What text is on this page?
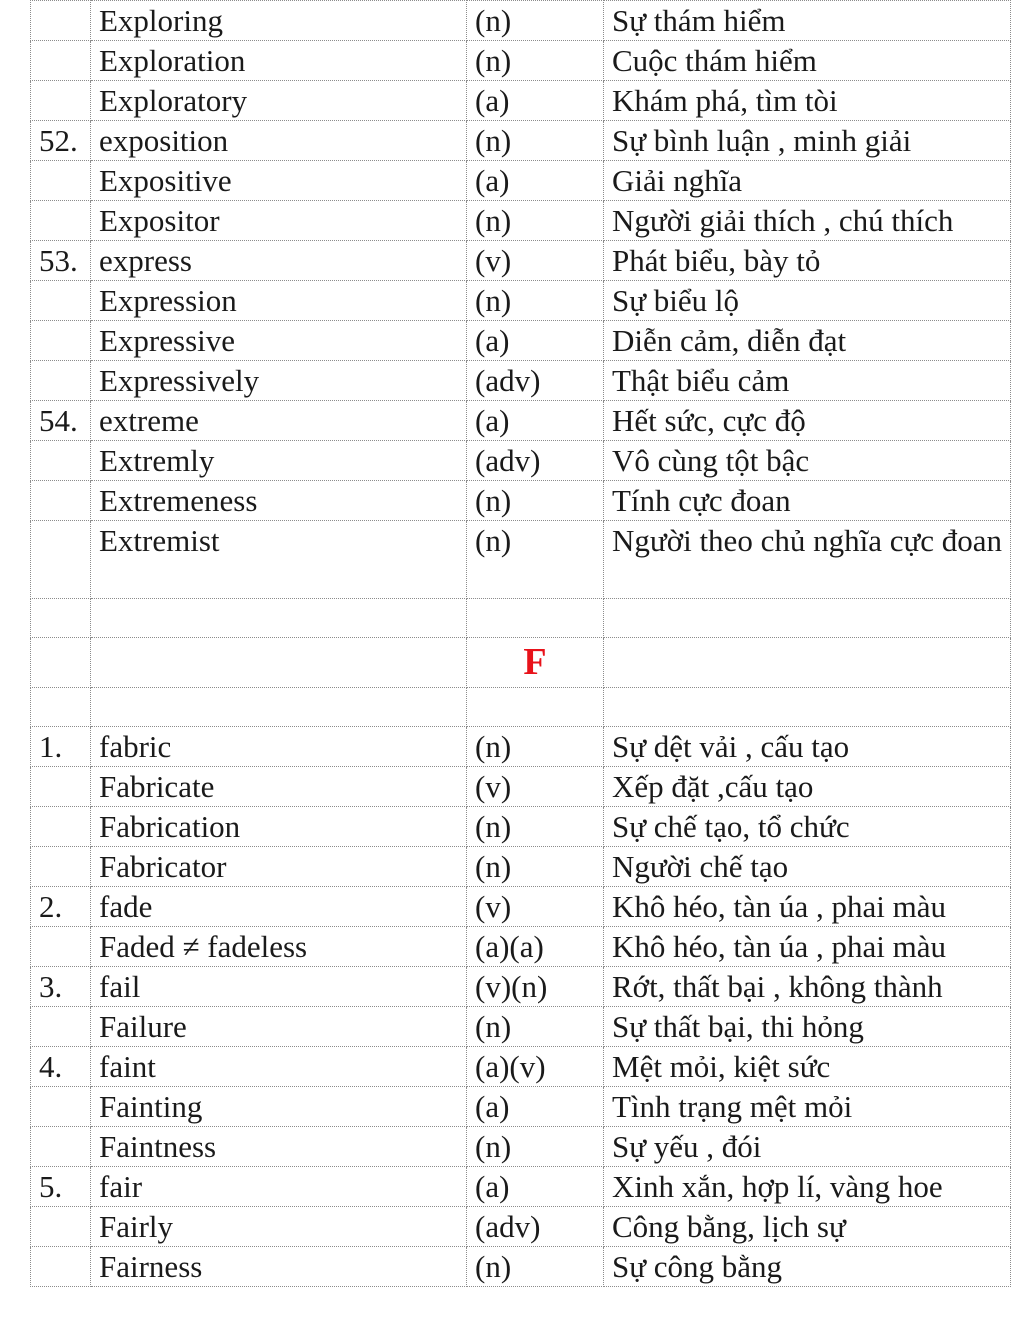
	Exploring	(n)	Sự thám hiểm
	Exploration	(n)	Cuộc thám hiểm
	Exploratory	(a)	Khám phá, tìm tòi
52.	exposition	(n)	Sự bình luận , minh giải
	Expositive	(a)	Giải nghĩa
	Expositor	(n)	Người giải thích , chú thích
53.	express	(v)	Phát biểu, bày tỏ
	Expression	(n)	Sự biểu lộ
	Expressive	(a)	Diễn cảm, diễn đạt
	Expressively	(adv)	Thật biểu cảm
54.	extreme	(a)	Hết sức, cực độ
	Extremly	(adv)	Vô cùng tột bậc
	Extremeness	(n)	Tính cực đoan
	Extremist	(n)	Người theo chủ nghĩa cực đoan

		F	

1.	fabric	(n)	Sự dệt vải , cấu tạo
	Fabricate	(v)	Xếp đặt ,cấu tạo
	Fabrication	(n)	Sự chế tạo, tổ chức
	Fabricator	(n)	Người chế tạo
2.	fade	(v)	Khô héo, tàn úa , phai màu
	Faded ≠ fadeless	(a)(a)	Khô héo, tàn úa , phai màu
3.	fail	(v)(n)	Rớt, thất bại , không thành
	Failure	(n)	Sự thất bại, thi hỏng
4.	faint	(a)(v)	Mệt mỏi, kiệt sức
	Fainting	(a)	Tình trạng mệt mỏi
	Faintness	(n)	Sự yếu , đói
5.	fair	(a)	Xinh xắn, hợp lí, vàng hoe
	Fairly	(adv)	Công bằng, lịch sự
	Fairness	(n)	Sự công bằng
